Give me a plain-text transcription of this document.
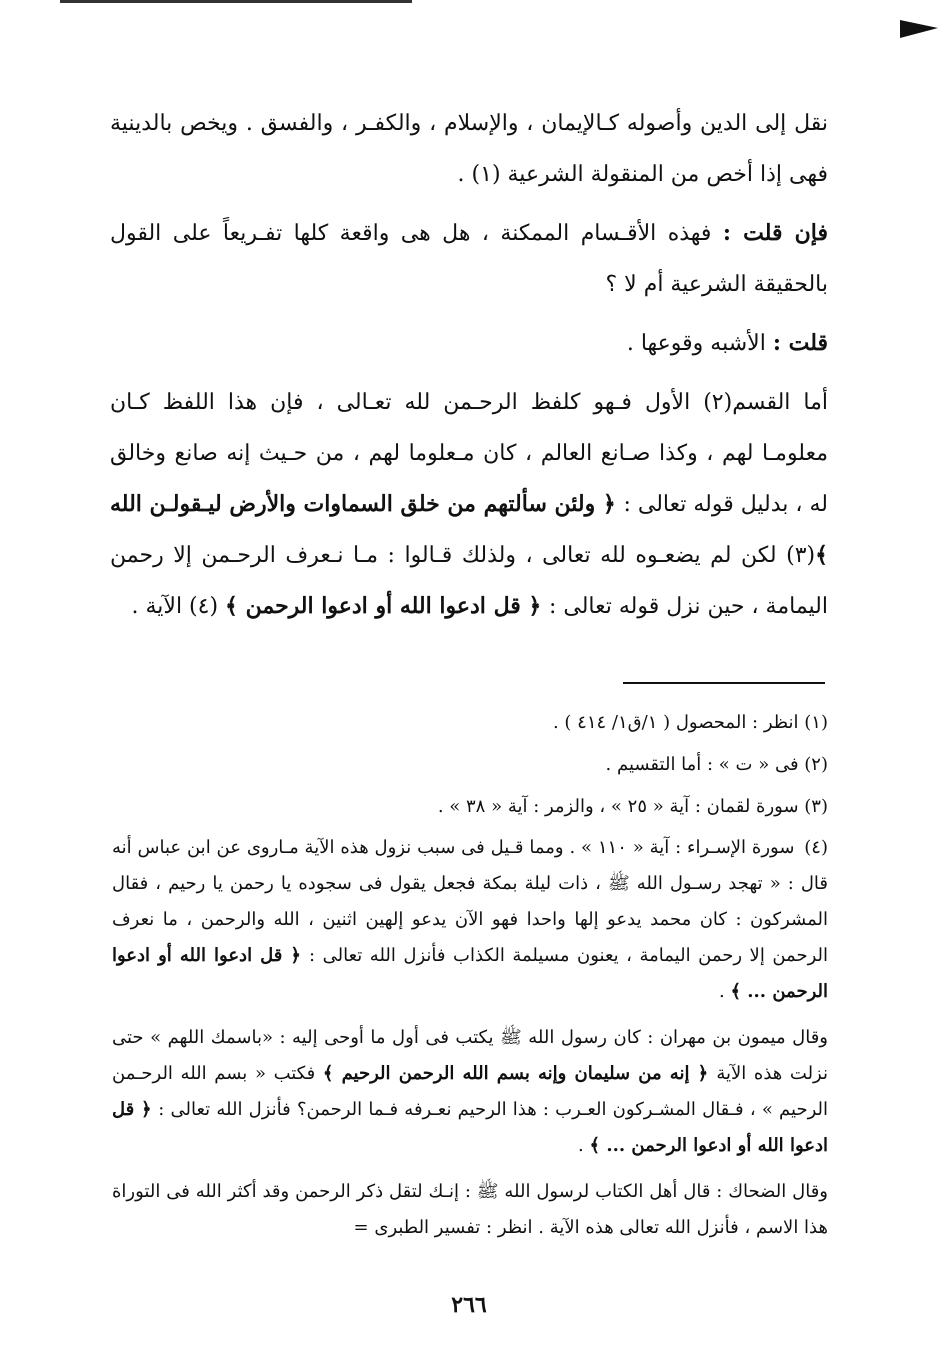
نقل إلى الدين وأصوله كـالإيمان ، والإسلام ، والكفـر ، والفسق . ويخص بالدينية فهى إذا أخص من المنقولة الشرعية (١) .

فإن قلت : فهذه الأقـسام الممكنة ، هل هى واقعة كلها تفـريعاً على القول بالحقيقة الشرعية أم لا ؟

قلت : الأشبه وقوعها .

أما القسم(٢) الأول فـهو كلفظ الرحـمن لله تعـالى ، فإن هذا اللفظ كـان معلومـا لهم ، وكذا صـانع العالم ، كان مـعلوما لهم ، من حـيث إنه صانع وخالق له ، بدليل قوله تعالى : ﴿ ولئن سألتهم من خلق السماوات والأرض ليـقولـن الله ﴾(٣) لكن لم يضعـوه لله تعالى ، ولذلك قـالوا : مـا نـعرف الرحـمن إلا رحمن اليمامة ، حين نزل قوله تعالى : ﴿ قل ادعوا الله أو ادعوا الرحمن ﴾ (٤) الآية .

(١) انظر : المحصول ( ١/ق١/ ٤١٤ ) .

(٢) فى « ت » : أما التقسيم .

(٣) سورة لقمان : آية « ٢٥ » ، والزمر : آية « ٣٨ » .

(٤) سورة الإسـراء : آية « ١١٠ » . ومما قـيل فى سبب نزول هذه الآية مـاروى عن ابن عباس أنه قال : « تهجد رسـول الله ﷺ ، ذات ليلة بمكة فجعل يقول فى سجوده يا رحمن يا رحيم ، فقال المشركون : كان محمد يدعو إلها واحدا فهو الآن يدعو إلهين اثنين ، الله والرحمن ، ما نعرف الرحمن إلا رحمن اليمامة ، يعنون مسيلمة الكذاب فأنزل الله تعالى : ﴿ قل ادعوا الله أو ادعوا الرحمن ... ﴾ .

وقال ميمون بن مهران : كان رسول الله ﷺ يكتب فى أول ما أوحى إليه : «باسمك اللهم » حتى نزلت هذه الآية ﴿ إنه من سليمان وإنه بسم الله الرحمن الرحيم ﴾ فكتب « بسم الله الرحـمن الرحيم » ، فـقال المشـركون العـرب : هذا الرحيم نعـرفه فـما الرحمن؟ فأنزل الله تعالى : ﴿ قل ادعوا الله أو ادعوا الرحمن ... ﴾ .

وقال الضحاك : قال أهل الكتاب لرسول الله ﷺ : إنـك لتقل ذكر الرحمن وقد أكثر الله فى التوراة هذا الاسم ، فأنزل الله تعالى هذه الآية . انظر : تفسير الطبرى =

٢٦٦
